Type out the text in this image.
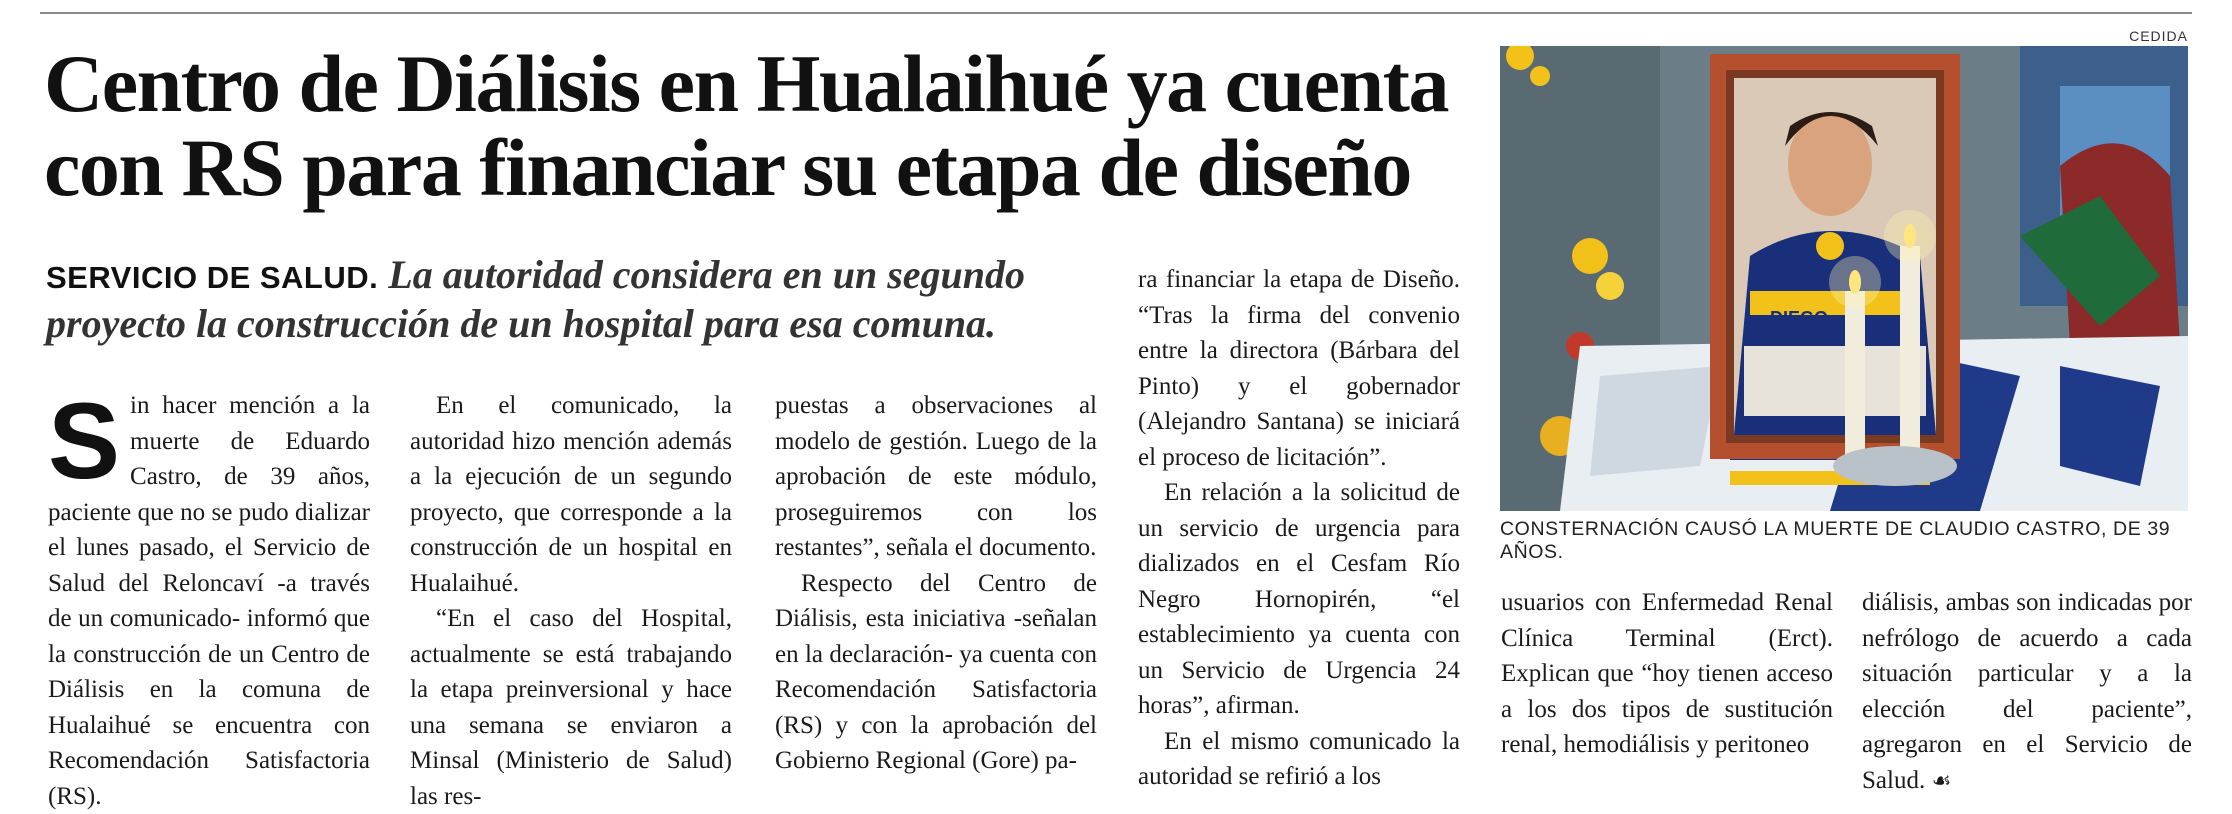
Centro de Diálisis en Hualaihué ya cuenta
con RS para financiar su etapa de diseño

SERVICIO DE SALUD. La autoridad considera en un segundo proyecto la construcción de un hospital para esa comuna.

S in hacer mención a la muerte de Eduardo Castro, de 39 años, paciente que no se pudo dializar el lunes pasado, el Servicio de Salud del Reloncaví -a través de un comunicado- informó que la construcción de un Centro de Diálisis en la comuna de Hualaihué se encuentra con Recomendación Satisfactoria (RS).

En el comunicado, la autoridad hizo mención además a la ejecución de un segundo proyecto, que corresponde a la construcción de un hospital en Hualaihué.

“En el caso del Hospital, actualmente se está trabajando la etapa preinversional y hace una semana se enviaron a Minsal (Ministerio de Salud) las res-

puestas a observaciones al modelo de gestión. Luego de la aprobación de este módulo, proseguiremos con los restantes”, señala el documento.

Respecto del Centro de Diálisis, esta iniciativa -señalan en la declaración- ya cuenta con Recomendación Satisfactoria (RS) y con la aprobación del Gobierno Regional (Gore) pa-

ra financiar la etapa de Diseño. “Tras la firma del convenio entre la directora (Bárbara del Pinto) y el gobernador (Alejandro Santana) se iniciará el proceso de licitación”.

En relación a la solicitud de un servicio de urgencia para dializados en el Cesfam Río Negro Hornopirén, “el establecimiento ya cuenta con un Servicio de Urgencia 24 horas”, afirman.

En el mismo comunicado la autoridad se refirió a los

usuarios con Enfermedad Renal Clínica Terminal (Erct). Explican que “hoy tienen acceso a los dos tipos de sustitución renal, hemodiálisis y peritoneo

diálisis, ambas son indicadas por nefrólogo de acuerdo a cada situación particular y a la elección del paciente”, agregaron en el Servicio de Salud. ☙

CEDIDA
DIEGO
CONSTERNACIÓN CAUSÓ LA MUERTE DE CLAUDIO CASTRO, DE 39 AÑOS.
